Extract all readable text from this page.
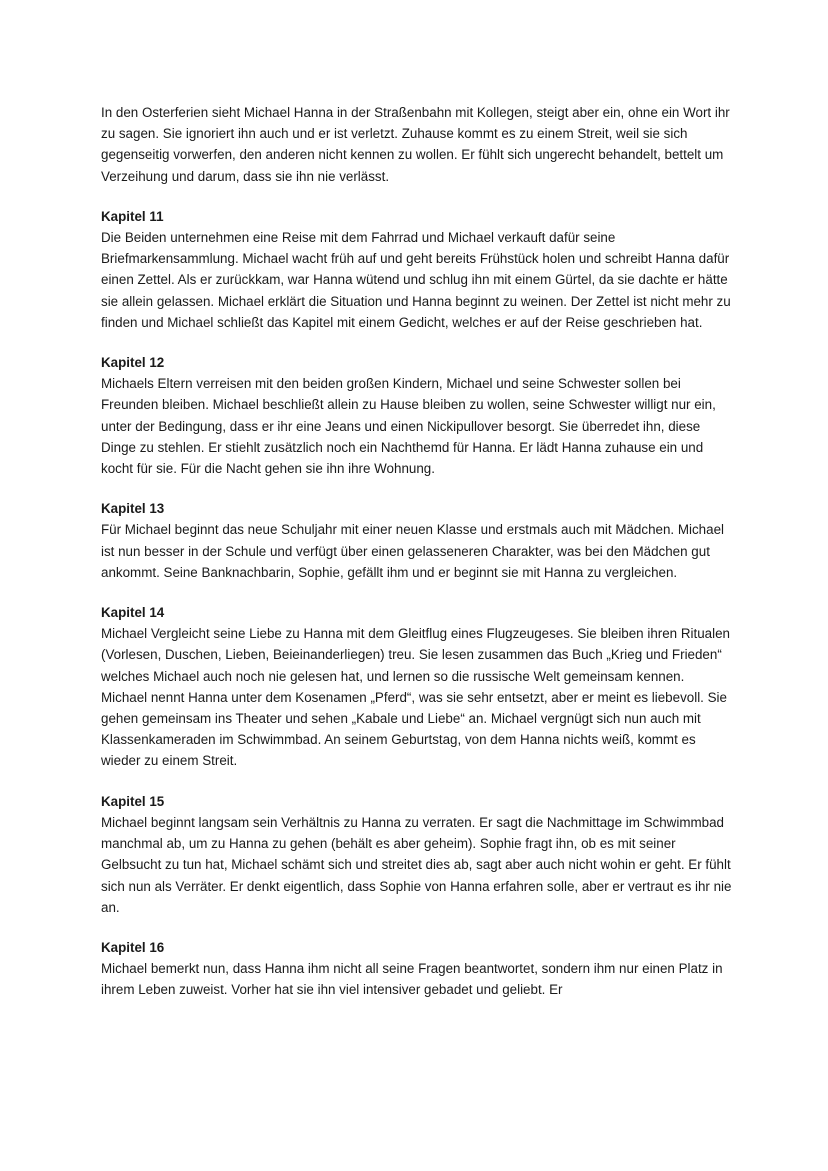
In den Osterferien sieht Michael Hanna in der Straßenbahn mit Kollegen, steigt aber ein, ohne ein Wort ihr zu sagen. Sie ignoriert ihn auch und er ist verletzt. Zuhause kommt es zu einem Streit, weil sie sich gegenseitig vorwerfen, den anderen nicht kennen zu wollen. Er fühlt sich ungerecht behandelt, bettelt um Verzeihung und darum, dass sie ihn nie verlässt.

Kapitel 11

Die Beiden unternehmen eine Reise mit dem Fahrrad und Michael verkauft dafür seine Briefmarkensammlung. Michael wacht früh auf und geht bereits Frühstück holen und schreibt Hanna dafür einen Zettel. Als er zurückkam, war Hanna wütend und schlug ihn mit einem Gürtel, da sie dachte er hätte sie allein gelassen. Michael erklärt die Situation und Hanna beginnt zu weinen. Der Zettel ist nicht mehr zu finden und Michael schließt das Kapitel mit einem Gedicht, welches er auf der Reise geschrieben hat.

Kapitel 12

Michaels Eltern verreisen mit den beiden großen Kindern, Michael und seine Schwester sollen bei Freunden bleiben. Michael beschließt allein zu Hause bleiben zu wollen, seine Schwester willigt nur ein, unter der Bedingung, dass er ihr eine Jeans und einen Nickipullover besorgt. Sie überredet ihn, diese Dinge zu stehlen. Er stiehlt zusätzlich noch ein Nachthemd für Hanna. Er lädt Hanna zuhause ein und kocht für sie. Für die Nacht gehen sie ihn ihre Wohnung.

Kapitel 13

Für Michael beginnt das neue Schuljahr mit einer neuen Klasse und erstmals auch mit Mädchen. Michael ist nun besser in der Schule und verfügt über einen gelasseneren Charakter, was bei den Mädchen gut ankommt. Seine Banknachbarin, Sophie, gefällt ihm und er beginnt sie mit Hanna zu vergleichen.

Kapitel 14

Michael Vergleicht seine Liebe zu Hanna mit dem Gleitflug eines Flugzeugeses. Sie bleiben ihren Ritualen (Vorlesen, Duschen, Lieben, Beieinanderliegen) treu. Sie lesen zusammen das Buch „Krieg und Frieden“ welches Michael auch noch nie gelesen hat, und lernen so die russische Welt gemeinsam kennen. Michael nennt Hanna unter dem Kosenamen „Pferd“, was sie sehr entsetzt, aber er meint es liebevoll. Sie gehen gemeinsam ins Theater und sehen „Kabale und Liebe“ an. Michael vergnügt sich nun auch mit Klassenkameraden im Schwimmbad. An seinem Geburtstag, von dem Hanna nichts weiß, kommt es wieder zu einem Streit.

Kapitel 15

Michael beginnt langsam sein Verhältnis zu Hanna zu verraten. Er sagt die Nachmittage im Schwimmbad manchmal ab, um zu Hanna zu gehen (behält es aber geheim). Sophie fragt ihn, ob es mit seiner Gelbsucht zu tun hat, Michael schämt sich und streitet dies ab, sagt aber auch nicht wohin er geht. Er fühlt sich nun als Verräter. Er denkt eigentlich, dass Sophie von Hanna erfahren solle, aber er vertraut es ihr nie an.

Kapitel 16

Michael bemerkt nun, dass Hanna ihm nicht all seine Fragen beantwortet, sondern ihm nur einen Platz in ihrem Leben zuweist. Vorher hat sie ihn viel intensiver gebadet und geliebt. Er
